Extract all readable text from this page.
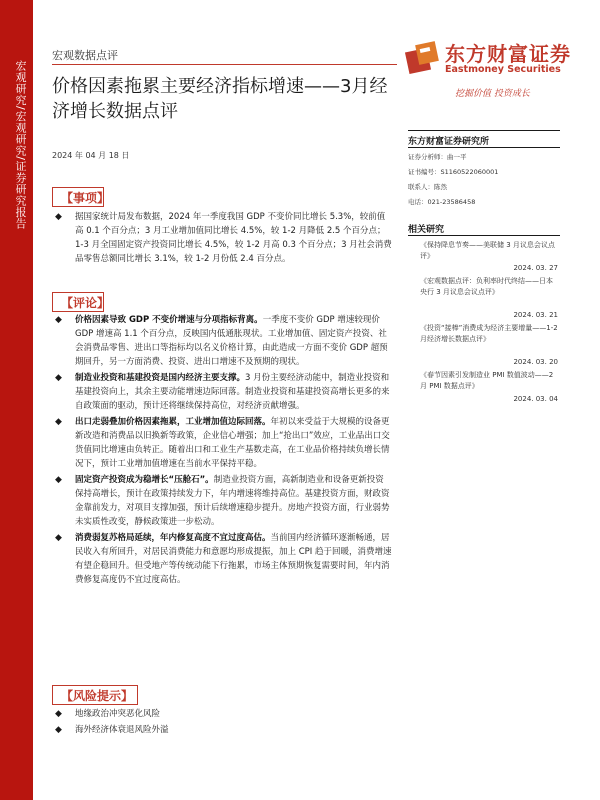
宏观研究/宏观研究/证券研究报告
宏观数据点评	东方财富证券
Eastmoney Securities
挖掘价值 投资成长
价格因素拖累主要经济指标增速——3月经济增长数据点评
2024 年 04 月 18 日
【事项】
◆ 据国家统计局发布数据，2024 年一季度我国 GDP 不变价同比增长 5.3%，较前值高 0.1 个百分点；3 月工业增加值同比增长 4.5%，较 1-2 月降低 2.5 个百分点；1-3 月全国固定资产投资同比增长 4.5%，较 1-2 月高 0.3 个百分点；3 月社会消费品零售总额同比增长 3.1%，较 1-2 月份低 2.4 百分点。
【评论】
◆ 价格因素导致 GDP 不变价增速与分项指标背离。一季度不变价 GDP 增速较现价 GDP 增速高 1.1 个百分点，反映国内低通胀现状。工业增加值、固定资产投资、社会消费品零售、进出口等指标均以名义价格计算，由此造成一方面不变价 GDP 超预期回升，另一方面消费、投资、进出口增速不及预期的现状。
◆ 制造业投资和基建投资是国内经济主要支撑。3 月份主要经济动能中，制造业投资和基建投资向上，其余主要动能增速边际回落。制造业投资和基建投资高增长更多的来自政策面的驱动，预计还将继续保持高位，对经济贡献增强。
◆ 出口走弱叠加价格因素拖累，工业增加值边际回落。年初以来受益于大规模的设备更新改造和消费品以旧换新等政策，企业信心增强；加上“抢出口”效应，工业品出口交货值同比增速由负转正。随着出口和工业生产基数走高，在工业品价格持续负增长情况下，预计工业增加值增速在当前水平保持平稳。
◆ 固定资产投资成为稳增长“压舱石”。制造业投资方面，高新制造业和设备更新投资保持高增长，预计在政策持续发力下，年内增速将维持高位。基建投资方面，财政资金靠前发力，对项目支撑加强，预计后续增速稳步提升。房地产投资方面，行业弱势未实质性改变，静候政策进一步松动。
◆ 消费弱复苏格局延续，年内修复高度不宜过度高估。当前国内经济循环逐渐畅通，居民收入有所回升，对居民消费能力和意愿均形成提振，加上 CPI 趋于回暖，消费增速有望企稳回升。但受地产等传统动能下行拖累，市场主体预期恢复需要时间，年内消费修复高度仍不宜过度高估。
【风险提示】
◆ 地缘政治冲突恶化风险
◆ 海外经济体衰退风险外溢
东方财富证券研究所
证券分析师：曲一平
证书编号：S1160522060001
联系人：陈然
电话：021-23586458
相关研究
《保持降息节奏——美联储 3 月议息会议点评》
2024. 03. 27
《宏观数据点评：负利率时代终结——日本央行 3 月议息会议点评》
2024. 03. 21
《投资“接棒”消费成为经济主要增量——1-2 月经济增长数据点评》
2024. 03. 20
《春节因素引发制造业 PMI 数值波动——2 月 PMI 数据点评》
2024. 03. 04
